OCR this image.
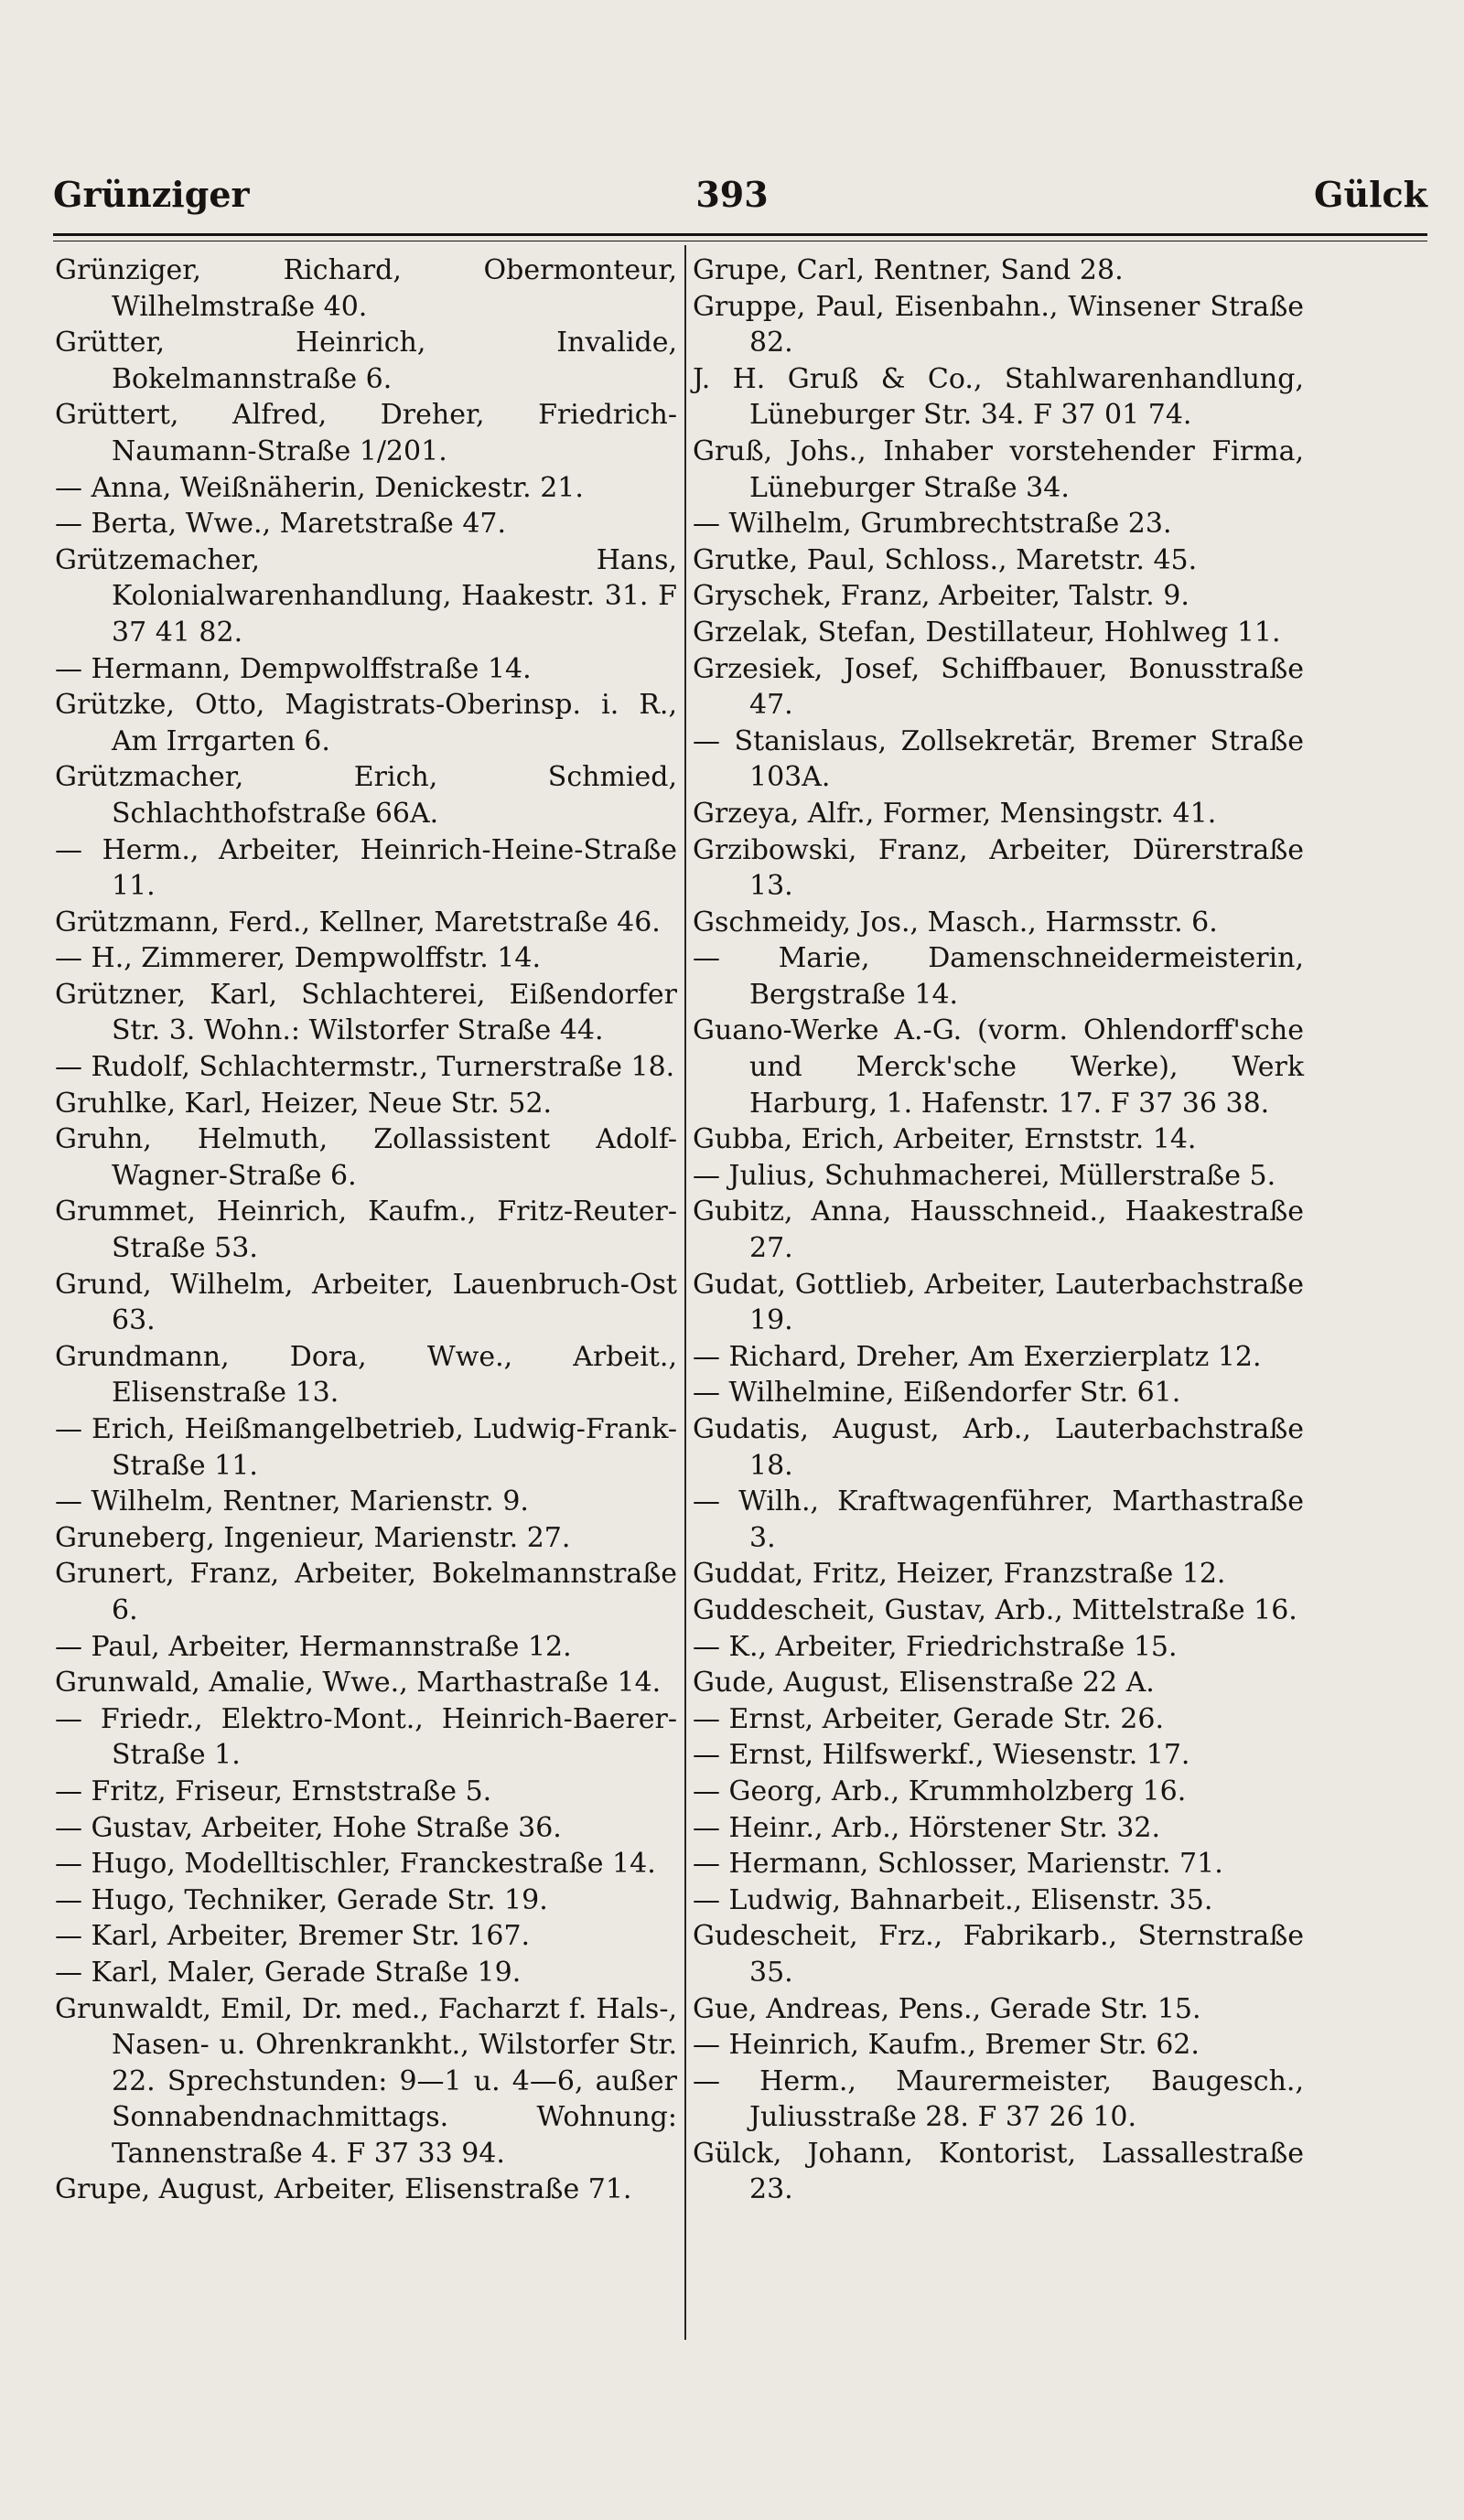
Grünziger	393	Gülck
Grünziger, Richard, Obermonteur, Wilhelmstraße 40.
Grütter, Heinrich, Invalide, Bokelmannstraße 6.
Grüttert, Alfred, Dreher, Friedrich-Naumann-Straße 1/201.
— Anna, Weißnäherin, Denickestr. 21.
— Berta, Wwe., Maretstraße 47.
Grützemacher, Hans, Kolonialwarenhandlung, Haakestr. 31. F 37 41 82.
— Hermann, Dempwolffstraße 14.
Grützke, Otto, Magistrats-Oberinsp. i. R., Am Irrgarten 6.
Grützmacher, Erich, Schmied, Schlachthofstraße 66A.
— Herm., Arbeiter, Heinrich-Heine-Straße 11.
Grützmann, Ferd., Kellner, Maretstraße 46.
— H., Zimmerer, Dempwolffstr. 14.
Grützner, Karl, Schlachterei, Eißendorfer Str. 3. Wohn.: Wilstorfer Straße 44.
— Rudolf, Schlachtermstr., Turnerstraße 18.
Gruhlke, Karl, Heizer, Neue Str. 52.
Gruhn, Helmuth, Zollassistent Adolf-Wagner-Straße 6.
Grummet, Heinrich, Kaufm., Fritz-Reuter-Straße 53.
Grund, Wilhelm, Arbeiter, Lauenbruch-Ost 63.
Grundmann, Dora, Wwe., Arbeit., Elisenstraße 13.
— Erich, Heißmangelbetrieb, Ludwig-Frank-Straße 11.
— Wilhelm, Rentner, Marienstr. 9.
Gruneberg, Ingenieur, Marienstr. 27.
Grunert, Franz, Arbeiter, Bokelmannstraße 6.
— Paul, Arbeiter, Hermannstraße 12.
Grunwald, Amalie, Wwe., Marthastraße 14.
— Friedr., Elektro-Mont., Heinrich-Baerer-Straße 1.
— Fritz, Friseur, Ernststraße 5.
— Gustav, Arbeiter, Hohe Straße 36.
— Hugo, Modelltischler, Franckestraße 14.
— Hugo, Techniker, Gerade Str. 19.
— Karl, Arbeiter, Bremer Str. 167.
— Karl, Maler, Gerade Straße 19.
Grunwaldt, Emil, Dr. med., Facharzt f. Hals-, Nasen- u. Ohrenkrankht., Wilstorfer Str. 22. Sprechstunden: 9—1 u. 4—6, außer Sonnabendnachmittags. Wohnung: Tannenstraße 4. F 37 33 94.
Grupe, August, Arbeiter, Elisenstraße 71.
Grupe, Carl, Rentner, Sand 28.
Gruppe, Paul, Eisenbahn., Winsener Straße 82.
J. H. Gruß & Co., Stahlwarenhandlung, Lüneburger Str. 34. F 37 01 74.
Gruß, Johs., Inhaber vorstehender Firma, Lüneburger Straße 34.
— Wilhelm, Grumbrechtstraße 23.
Grutke, Paul, Schloss., Maretstr. 45.
Gryschek, Franz, Arbeiter, Talstr. 9.
Grzelak, Stefan, Destillateur, Hohlweg 11.
Grzesiek, Josef, Schiffbauer, Bonusstraße 47.
— Stanislaus, Zollsekretär, Bremer Straße 103A.
Grzeya, Alfr., Former, Mensingstr. 41.
Grzibowski, Franz, Arbeiter, Dürerstraße 13.
Gschmeidy, Jos., Masch., Harmsstr. 6.
— Marie, Damenschneidermeisterin, Bergstraße 14.
Guano-Werke A.-G. (vorm. Ohlendorff'sche und Merck'sche Werke), Werk Harburg, 1. Hafenstr. 17. F 37 36 38.
Gubba, Erich, Arbeiter, Ernststr. 14.
— Julius, Schuhmacherei, Müllerstraße 5.
Gubitz, Anna, Hausschneid., Haakestraße 27.
Gudat, Gottlieb, Arbeiter, Lauterbachstraße 19.
— Richard, Dreher, Am Exerzierplatz 12.
— Wilhelmine, Eißendorfer Str. 61.
Gudatis, August, Arb., Lauterbachstraße 18.
— Wilh., Kraftwagenführer, Marthastraße 3.
Guddat, Fritz, Heizer, Franzstraße 12.
Guddescheit, Gustav, Arb., Mittelstraße 16.
— K., Arbeiter, Friedrichstraße 15.
Gude, August, Elisenstraße 22 A.
— Ernst, Arbeiter, Gerade Str. 26.
— Ernst, Hilfswerkf., Wiesenstr. 17.
— Georg, Arb., Krummholzberg 16.
— Heinr., Arb., Hörstener Str. 32.
— Hermann, Schlosser, Marienstr. 71.
— Ludwig, Bahnarbeit., Elisenstr. 35.
Gudescheit, Frz., Fabrikarb., Sternstraße 35.
Gue, Andreas, Pens., Gerade Str. 15.
— Heinrich, Kaufm., Bremer Str. 62.
— Herm., Maurermeister, Baugesch., Juliusstraße 28. F 37 26 10.
Gülck, Johann, Kontorist, Lassallestraße 23.
